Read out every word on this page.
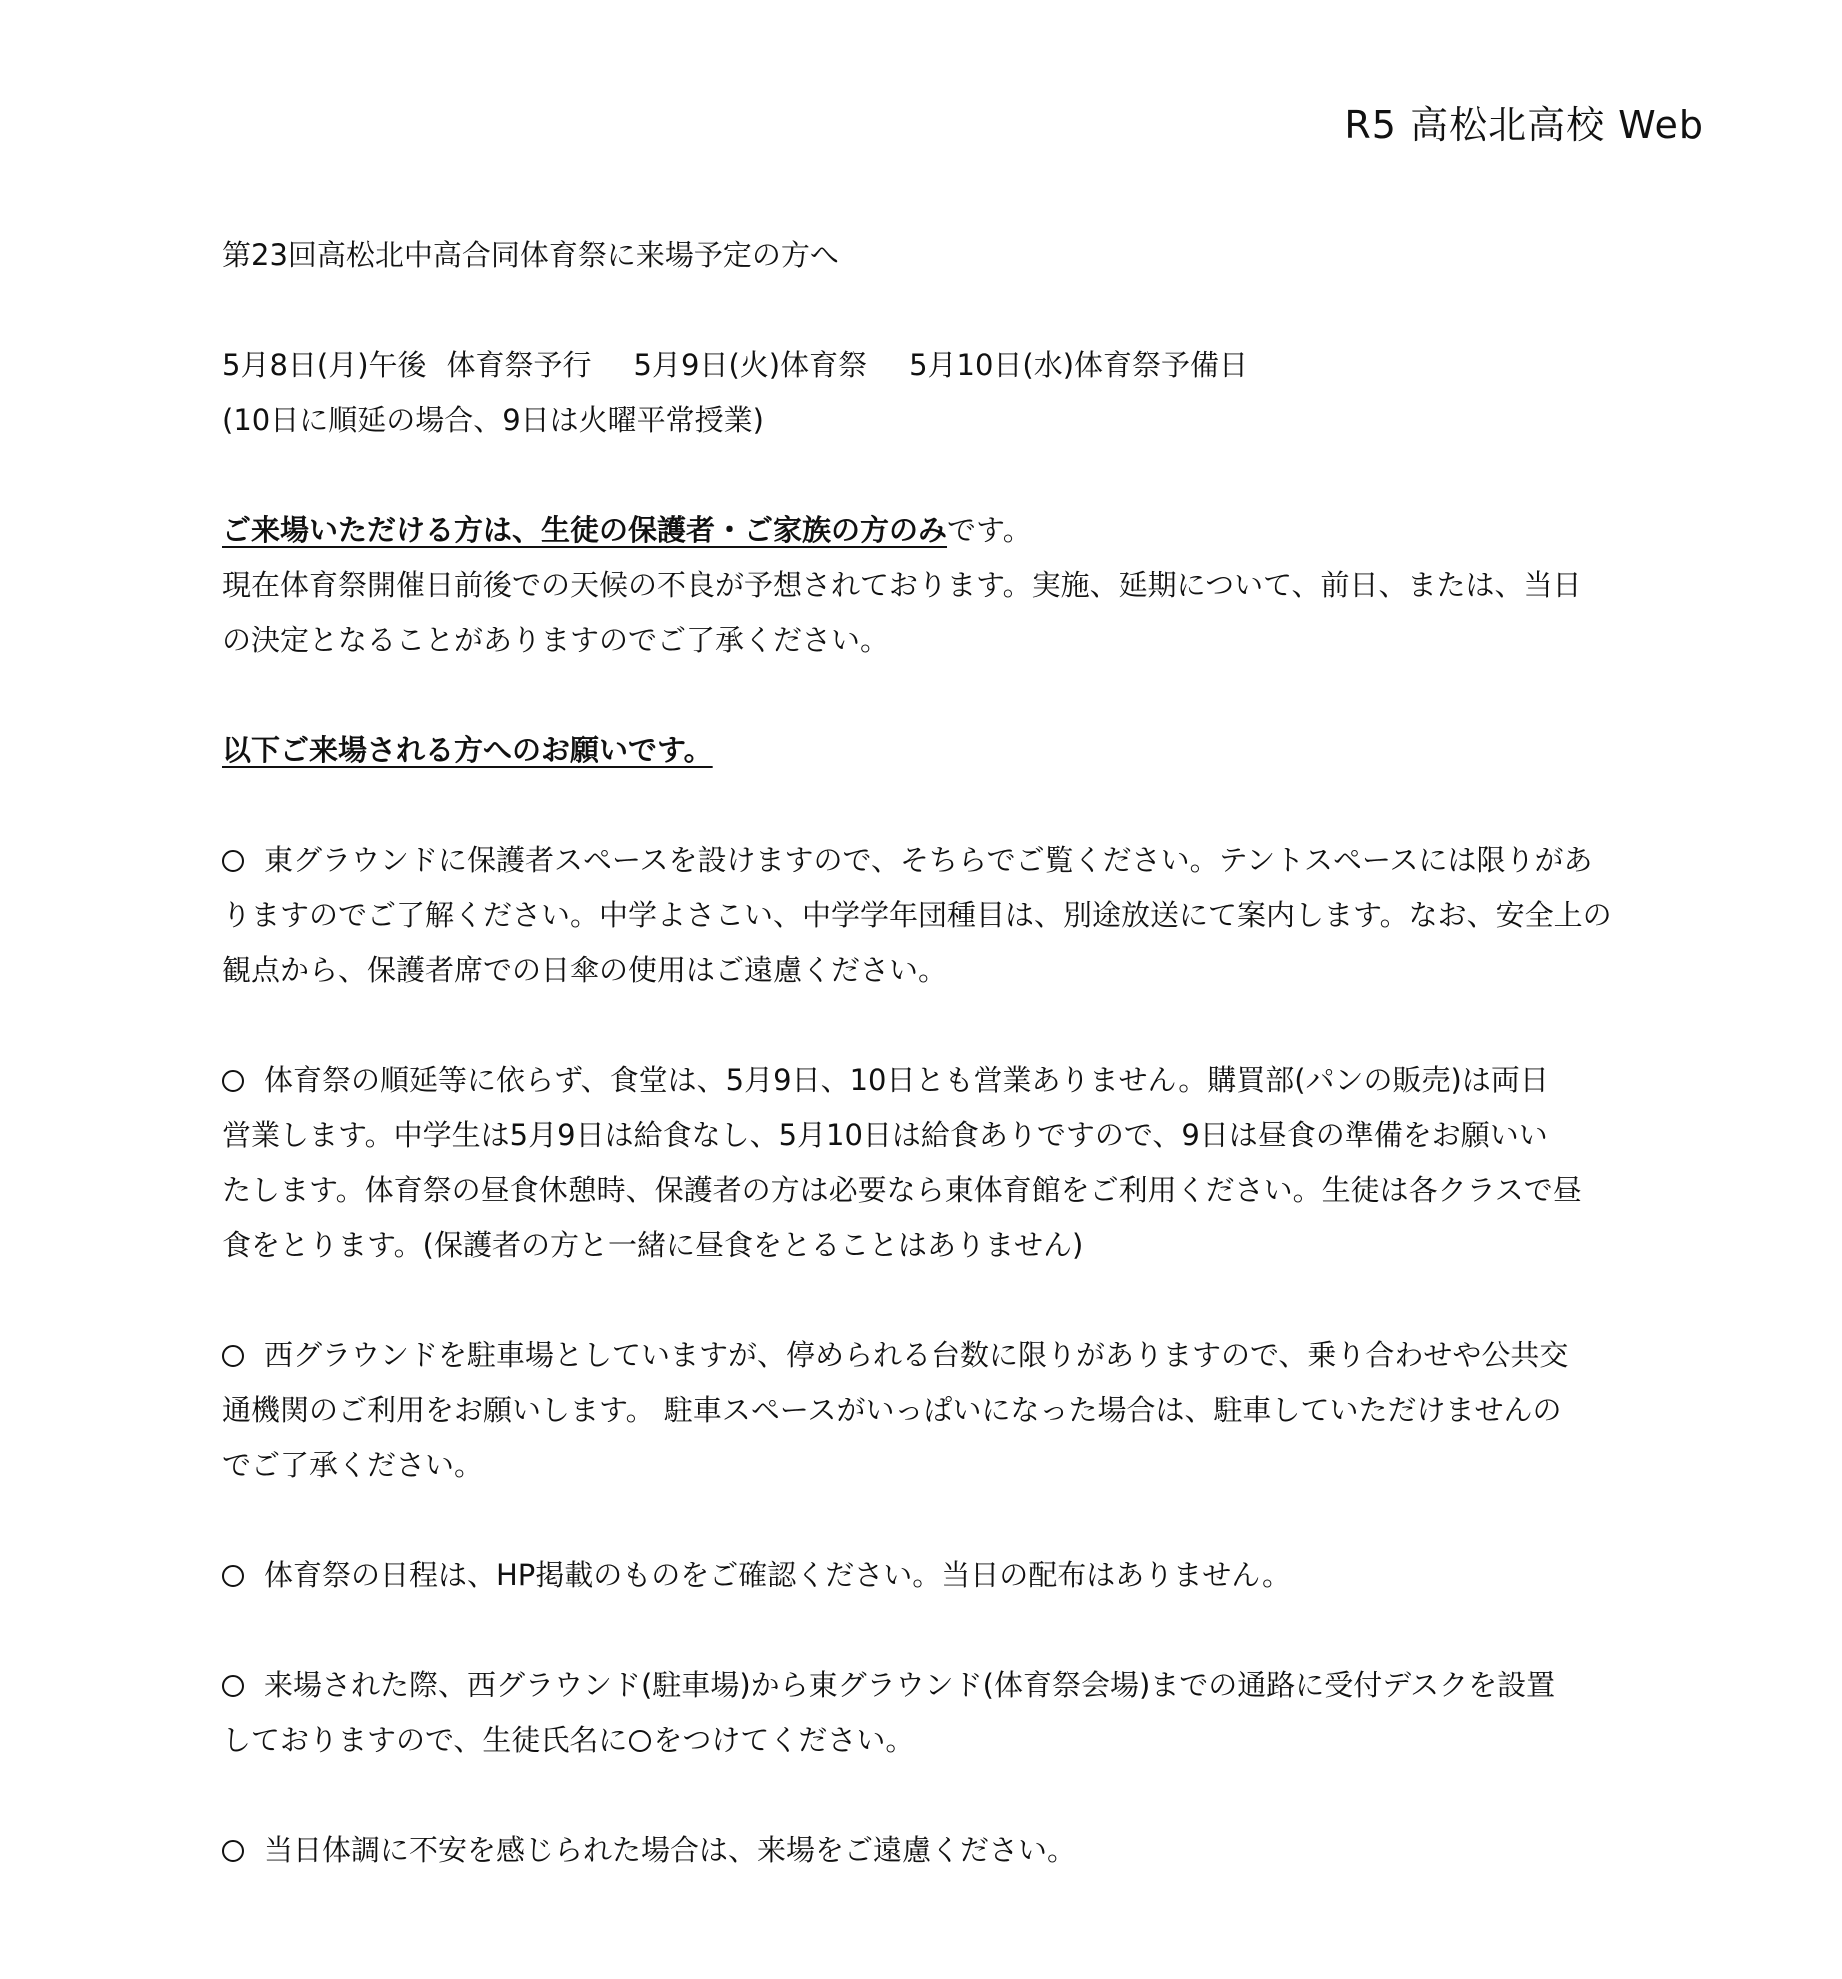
R5 高松北高校 Web
第23回高松北中高合同体育祭に来場予定の方へ
5月8日(月)午後 体育祭予行 5月9日(火)体育祭 5月10日(水)体育祭予備日
(10日に順延の場合、9日は火曜平常授業)
ご来場いただける方は、生徒の保護者・ご家族の方のみです。
現在体育祭開催日前後での天候の不良が予想されております。実施、延期について、前日、または、当日
の決定となることがありますのでご了承ください。
以下ご来場される方へのお願いです。
東グラウンドに保護者スペースを設けますので、そちらでご覧ください。テントスペースには限りがあ
りますのでご了解ください。中学よさこい、中学学年団種目は、別途放送にて案内します。なお、安全上の
観点から、保護者席での日傘の使用はご遠慮ください。
体育祭の順延等に依らず、食堂は、5月9日、10日とも営業ありません。購買部(パンの販売)は両日
営業します。中学生は5月9日は給食なし、5月10日は給食ありですので、9日は昼食の準備をお願いい
たします。体育祭の昼食休憩時、保護者の方は必要なら東体育館をご利用ください。生徒は各クラスで昼
食をとります。(保護者の方と一緒に昼食をとることはありません)
西グラウンドを駐車場としていますが、停められる台数に限りがありますので、乗り合わせや公共交
通機関のご利用をお願いします。 駐車スペースがいっぱいになった場合は、駐車していただけませんの
でご了承ください。
体育祭の日程は、HP掲載のものをご確認ください。当日の配布はありません。
来場された際、西グラウンド(駐車場)から東グラウンド(体育祭会場)までの通路に受付デスクを設置
しておりますので、生徒氏名に ○ をつけてください。
当日体調に不安を感じられた場合は、来場をご遠慮ください。
